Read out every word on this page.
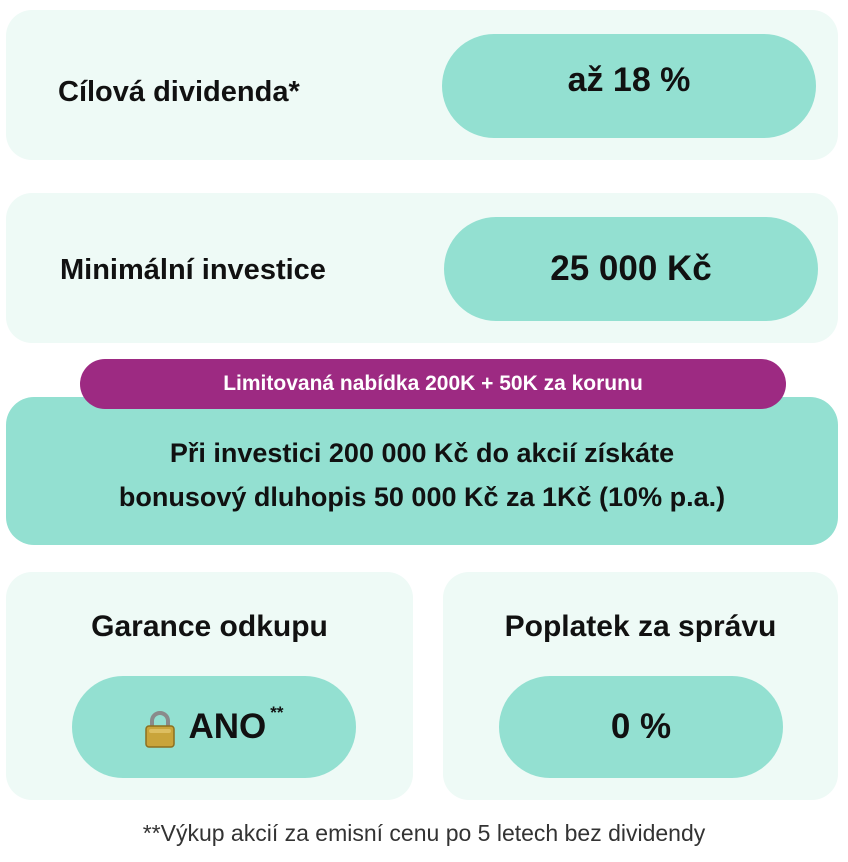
Cílová dividenda*	až 18 %
Minimální investice	25 000 Kč
Při investici 200 000 Kč do akcií získáte
bonusový dluhopis 50 000 Kč za 1Kč (10% p.a.)
Limitovaná nabídka 200K + 50K za korunu
Garance odkupu
ANO**
Poplatek za správu
0 %
**Výkup akcií za emisní cenu po 5 letech bez dividendy
